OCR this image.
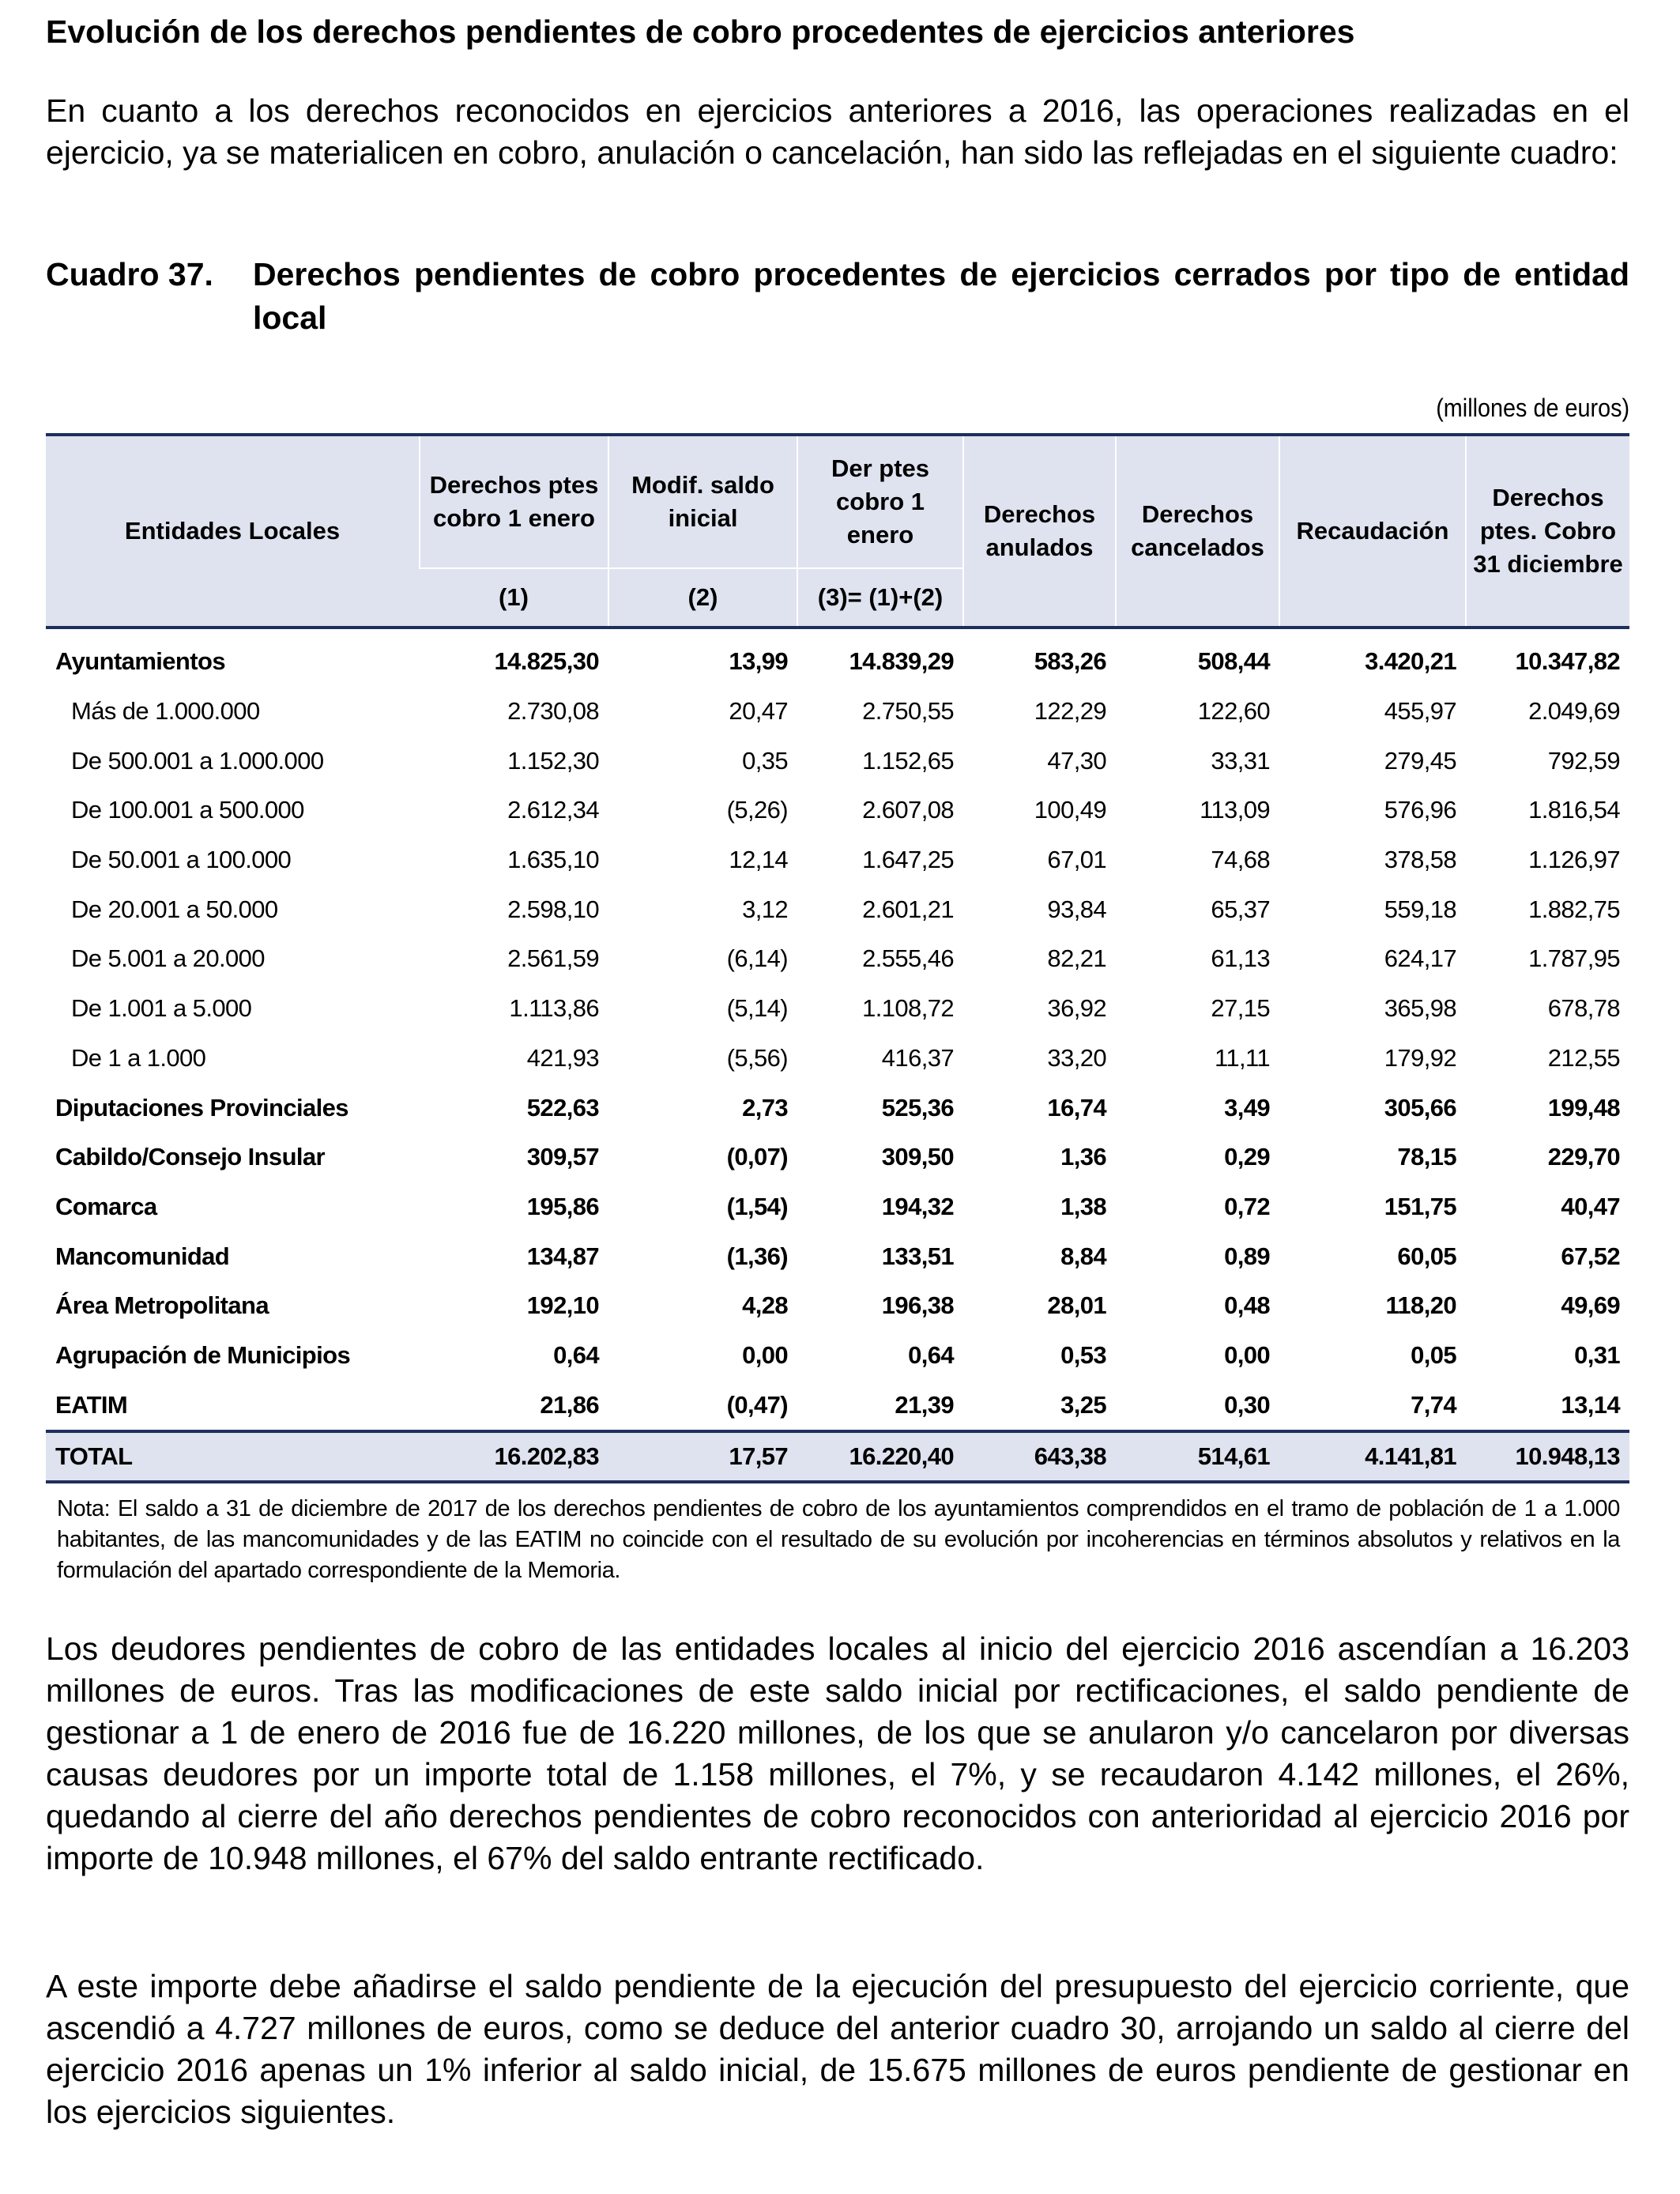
Evolución de los derechos pendientes de cobro procedentes de ejercicios anteriores

En cuanto a los derechos reconocidos en ejercicios anteriores a 2016, las operaciones realizadas en el ejercicio, ya se materialicen en cobro, anulación o cancelación, han sido las reflejadas en el siguiente cuadro:

Cuadro 37. Derechos pendientes de cobro procedentes de ejercicios cerrados por tipo de entidad local
(millones de euros)
Entidades Locales	Derechos ptes cobro 1 enero	Modif. saldo inicial	Der ptes cobro 1 enero	Derechos anulados	Derechos cancelados	Recaudación	Derechos ptes. Cobro 31 diciembre
	(1)	(2)	(3)= (1)+(2)				

Ayuntamientos	14.825,30	13,99	14.839,29	583,26	508,44	3.420,21	10.347,82
Más de 1.000.000	2.730,08	20,47	2.750,55	122,29	122,60	455,97	2.049,69
De 500.001 a 1.000.000	1.152,30	0,35	1.152,65	47,30	33,31	279,45	792,59
De 100.001 a 500.000	2.612,34	(5,26)	2.607,08	100,49	113,09	576,96	1.816,54
De 50.001 a 100.000	1.635,10	12,14	1.647,25	67,01	74,68	378,58	1.126,97
De 20.001 a 50.000	2.598,10	3,12	2.601,21	93,84	65,37	559,18	1.882,75
De 5.001 a 20.000	2.561,59	(6,14)	2.555,46	82,21	61,13	624,17	1.787,95
De 1.001 a 5.000	1.113,86	(5,14)	1.108,72	36,92	27,15	365,98	678,78
De 1 a 1.000	421,93	(5,56)	416,37	33,20	11,11	179,92	212,55
Diputaciones Provinciales	522,63	2,73	525,36	16,74	3,49	305,66	199,48
Cabildo/Consejo Insular	309,57	(0,07)	309,50	1,36	0,29	78,15	229,70
Comarca	195,86	(1,54)	194,32	1,38	0,72	151,75	40,47
Mancomunidad	134,87	(1,36)	133,51	8,84	0,89	60,05	67,52
Área Metropolitana	192,10	4,28	196,38	28,01	0,48	118,20	49,69
Agrupación de Municipios	0,64	0,00	0,64	0,53	0,00	0,05	0,31
EATIM	21,86	(0,47)	21,39	3,25	0,30	7,74	13,14
TOTAL	16.202,83	17,57	16.220,40	643,38	514,61	4.141,81	10.948,13
Nota: El saldo a 31 de diciembre de 2017 de los derechos pendientes de cobro de los ayuntamientos comprendidos en el tramo de población de 1 a 1.000 habitantes, de las mancomunidades y de las EATIM no coincide con el resultado de su evolución por incoherencias en términos absolutos y relativos en la formulación del apartado correspondiente de la Memoria.

Los deudores pendientes de cobro de las entidades locales al inicio del ejercicio 2016 ascendían a 16.203 millones de euros. Tras las modificaciones de este saldo inicial por rectificaciones, el saldo pendiente de gestionar a 1 de enero de 2016 fue de 16.220 millones, de los que se anularon y/o cancelaron por diversas causas deudores por un importe total de 1.158 millones, el 7%, y se recaudaron 4.142 millones, el 26%, quedando al cierre del año derechos pendientes de cobro reconocidos con anterioridad al ejercicio 2016 por importe de 10.948 millones, el 67% del saldo entrante rectificado.

A este importe debe añadirse el saldo pendiente de la ejecución del presupuesto del ejercicio corriente, que ascendió a 4.727 millones de euros, como se deduce del anterior cuadro 30, arrojando un saldo al cierre del ejercicio 2016 apenas un 1% inferior al saldo inicial, de 15.675 millones de euros pendiente de gestionar en los ejercicios siguientes.
